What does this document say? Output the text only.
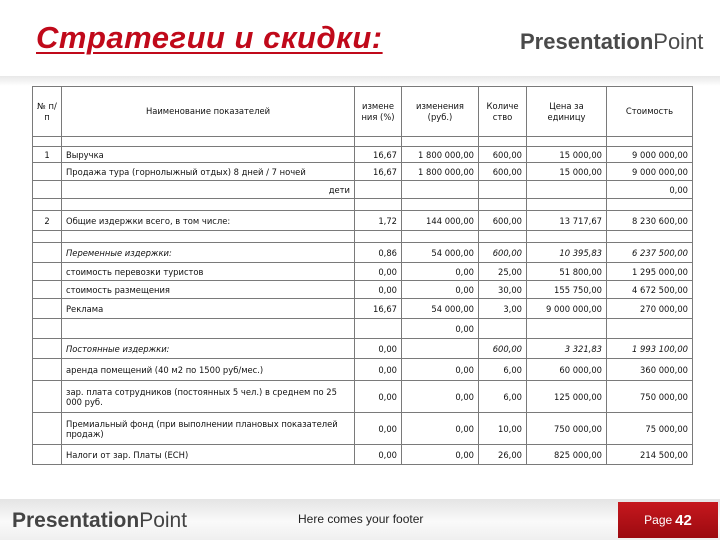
Стратегии и скидки:	PresentationPoint
№ п/п	Наименование показателей	измене ния (%)	изменения (руб.)	Количе ство	Цена за единицу	Стоимость

1	Выручка	16,67	1 800 000,00	600,00	15 000,00	9 000 000,00
	Продажа тура (горнолыжный отдых) 8 дней / 7 ночей	16,67	1 800 000,00	600,00	15 000,00	9 000 000,00
	дети					0,00

2	Общие издержки всего, в том числе:	1,72	144 000,00	600,00	13 717,67	8 230 600,00

	Переменные издержки:	0,86	54 000,00	600,00	10 395,83	6 237 500,00
	стоимость перевозки туристов	0,00	0,00	25,00	51 800,00	1 295 000,00
	стоимость размещения	0,00	0,00	30,00	155 750,00	4 672 500,00
	Реклама	16,67	54 000,00	3,00	9 000 000,00	270 000,00
			0,00			
	Постоянные издержки:	0,00		600,00	3 321,83	1 993 100,00
	аренда помещений (40 м2 по 1500 руб/мес.)	0,00	0,00	6,00	60 000,00	360 000,00
	зар. плата сотрудников (постоянных 5 чел.) в среднем по 25 000 руб.	0,00	0,00	6,00	125 000,00	750 000,00
	Премиальный фонд (при выполнении плановых показателей продаж)	0,00	0,00	10,00	750 000,00	75 000,00
	Налоги от зар. Платы (ЕСН)	0,00	0,00	26,00	825 000,00	214 500,00
PresentationPoint	Here comes your footer	Page 42
